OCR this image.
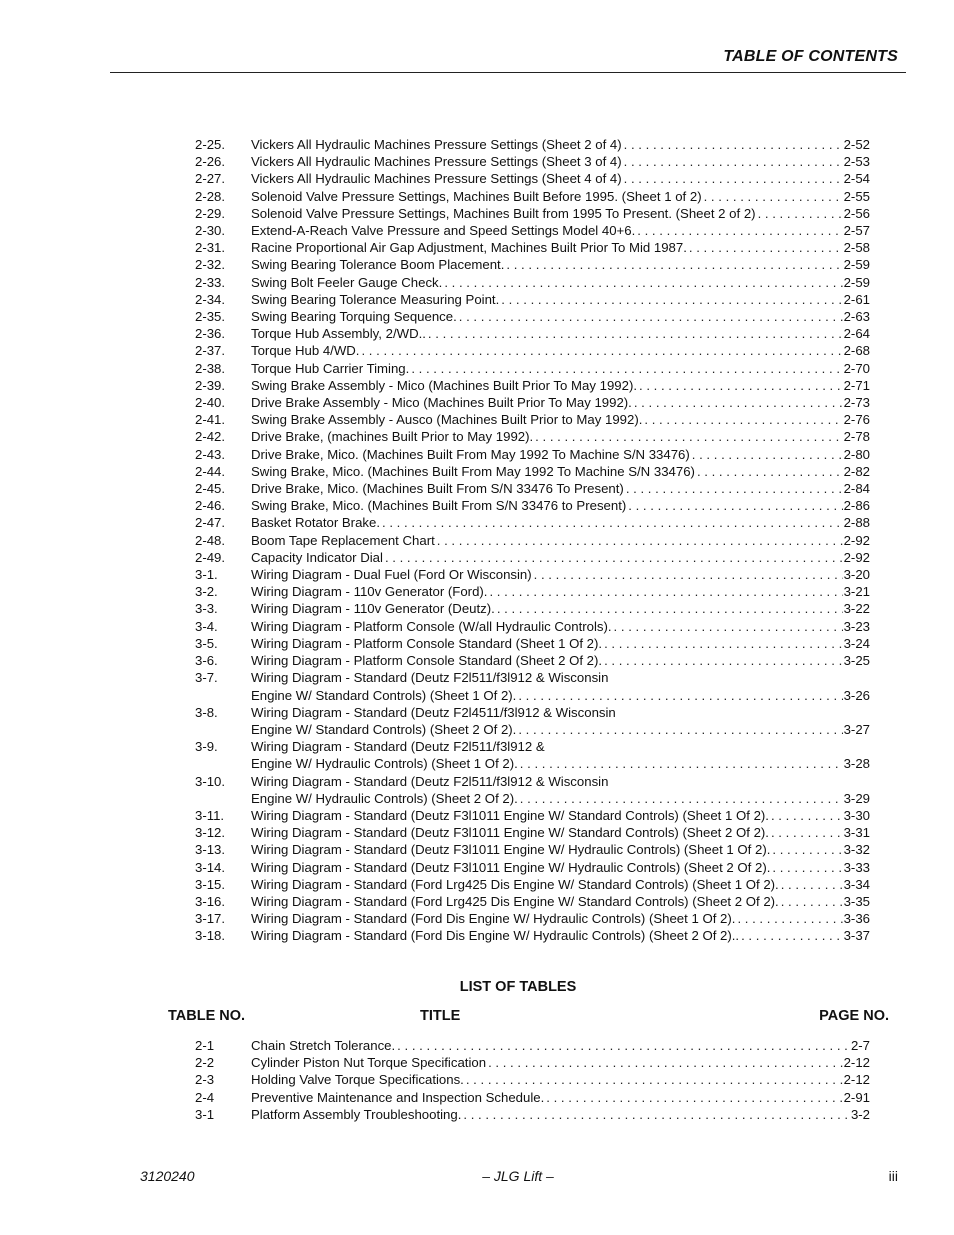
TABLE OF CONTENTS
2-25.	Vickers All Hydraulic Machines Pressure Settings (Sheet 2 of 4) . . .	2-52
2-26.	Vickers All Hydraulic Machines Pressure Settings (Sheet 3 of 4) . . .	2-53
2-27.	Vickers All Hydraulic Machines Pressure Settings (Sheet 4 of 4) . . .	2-54
2-28.	Solenoid Valve Pressure Settings, Machines Built Before 1995. (Sheet 1 of 2) . . .	2-55
2-29.	Solenoid Valve Pressure Settings, Machines Built from 1995 To Present. (Sheet 2 of 2) . . .	2-56
2-30.	Extend-A-Reach Valve Pressure and Speed Settings Model 40+6. . . .	2-57
2-31.	Racine Proportional Air Gap Adjustment, Machines Built Prior To Mid 1987. . . .	2-58
2-32.	Swing Bearing Tolerance Boom Placement. . . .	2-59
2-33.	Swing Bolt Feeler Gauge Check. . . .	2-59
2-34.	Swing Bearing Tolerance Measuring Point. . . .	2-61
2-35.	Swing Bearing Torquing Sequence. . . .	2-63
2-36.	Torque Hub Assembly, 2/WD.. . . .	2-64
2-37.	Torque Hub 4/WD. . . .	2-68
2-38.	Torque Hub Carrier Timing. . . .	2-70
2-39.	Swing Brake Assembly - Mico (Machines Built Prior To May 1992). . . .	2-71
2-40.	Drive Brake Assembly - Mico (Machines Built Prior To May 1992). . . .	2-73
2-41.	Swing Brake Assembly - Ausco (Machines Built Prior to May 1992). . . .	2-76
2-42.	Drive Brake, (machines Built Prior to May 1992). . . .	2-78
2-43.	Drive Brake, Mico. (Machines Built From May 1992 To Machine S/N 33476) . . .	2-80
2-44.	Swing Brake, Mico. (Machines Built From May 1992 To Machine S/N 33476) . . .	2-82
2-45.	Drive Brake, Mico. (Machines Built From S/N 33476 To Present) . . .	2-84
2-46.	Swing Brake, Mico. (Machines Built From S/N 33476 to Present) . . .	2-86
2-47.	Basket Rotator Brake. . . .	2-88
2-48.	Boom Tape Replacement Chart . . .	2-92
2-49.	Capacity Indicator Dial . . .	2-92
3-1.	Wiring Diagram - Dual Fuel (Ford Or Wisconsin) . . .	3-20
3-2.	Wiring Diagram - 110v Generator (Ford). . . .	3-21
3-3.	Wiring Diagram - 110v Generator (Deutz). . . .	3-22
3-4.	Wiring Diagram - Platform Console (W/all Hydraulic Controls). . . .	3-23
3-5.	Wiring Diagram - Platform Console Standard (Sheet 1 Of 2). . . .	3-24
3-6.	Wiring Diagram - Platform Console Standard (Sheet 2 Of 2). . . .	3-25
3-7.	Wiring Diagram - Standard (Deutz F2l511/f3l912 & Wisconsin
Engine W/ Standard Controls) (Sheet 1 Of 2). . . .	3-26
3-8.	Wiring Diagram - Standard (Deutz F2l4511/f3l912 & Wisconsin
Engine W/ Standard Controls) (Sheet 2 Of 2). . . .	3-27
3-9.	Wiring Diagram - Standard (Deutz F2l511/f3l912 &
Engine W/ Hydraulic Controls) (Sheet 1 Of 2). . . .	3-28
3-10.	Wiring Diagram - Standard (Deutz F2l511/f3l912 & Wisconsin
Engine W/ Hydraulic Controls) (Sheet 2 Of 2). . . .	3-29
3-11.	Wiring Diagram - Standard (Deutz F3l1011 Engine W/ Standard Controls) (Sheet 1 Of 2). . . .	3-30
3-12.	Wiring Diagram - Standard (Deutz F3l1011 Engine W/ Standard Controls) (Sheet 2 Of 2). . . .	3-31
3-13.	Wiring Diagram - Standard (Deutz F3l1011 Engine W/ Hydraulic Controls) (Sheet 1 Of 2). . . .	3-32
3-14.	Wiring Diagram - Standard (Deutz F3l1011 Engine W/ Hydraulic Controls) (Sheet 2 Of 2). . . .	3-33
3-15.	Wiring Diagram - Standard (Ford Lrg425 Dis Engine W/ Standard Controls) (Sheet 1 Of 2). . . .	3-34
3-16.	Wiring Diagram - Standard (Ford Lrg425 Dis Engine W/ Standard Controls) (Sheet 2 Of 2). . . .	3-35
3-17.	Wiring Diagram - Standard (Ford Dis Engine W/ Hydraulic Controls) (Sheet 1 Of 2). . . .	3-36
3-18.	Wiring Diagram - Standard (Ford Dis Engine W/ Hydraulic Controls) (Sheet 2 Of 2).. . . .	3-37
LIST OF TABLES
TABLE NO.	TITLE	PAGE NO.
2-1	Chain Stretch Tolerance. . . .	2-7
2-2	Cylinder Piston Nut Torque Specification . . .	2-12
2-3	Holding Valve Torque Specifications. . . .	2-12
2-4	Preventive Maintenance and Inspection Schedule. . . .	2-91
3-1	Platform Assembly Troubleshooting. . . .	3-2
3120240	– JLG Lift –	iii
